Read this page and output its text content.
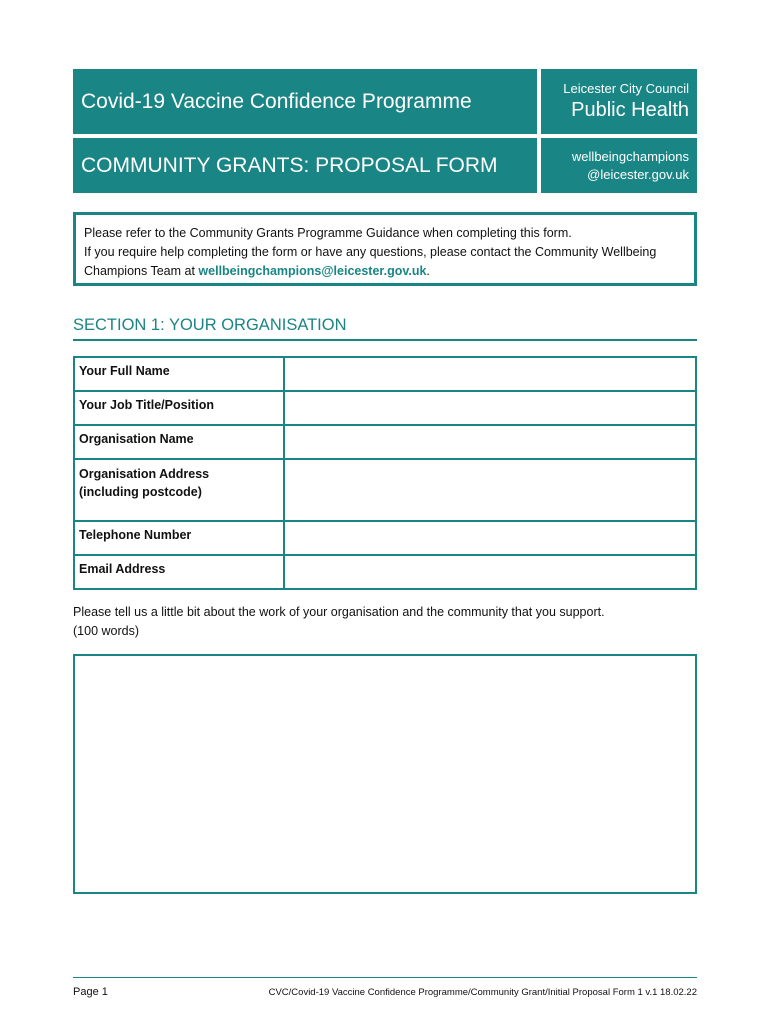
Covid-19 Vaccine Confidence Programme
COMMUNITY GRANTS: PROPOSAL FORM
Leicester City Council
Public Health
wellbeingchampions
@leicester.gov.uk
Please refer to the Community Grants Programme Guidance when completing this form.
If you require help completing the form or have any questions, please contact the Community Wellbeing Champions Team at wellbeingchampions@leicester.gov.uk.
SECTION 1: YOUR ORGANISATION
Your Full Name	
Your Job Title/Position	
Organisation Name	

Organisation Address
(including postcode)	

Telephone Number	
Email Address	
Please tell us a little bit about the work of your organisation and the community that you support.
(100 words)
Page 1	CVC/Covid-19 Vaccine Confidence Programme/Community Grant/Initial Proposal Form 1 v.1 18.02.22
